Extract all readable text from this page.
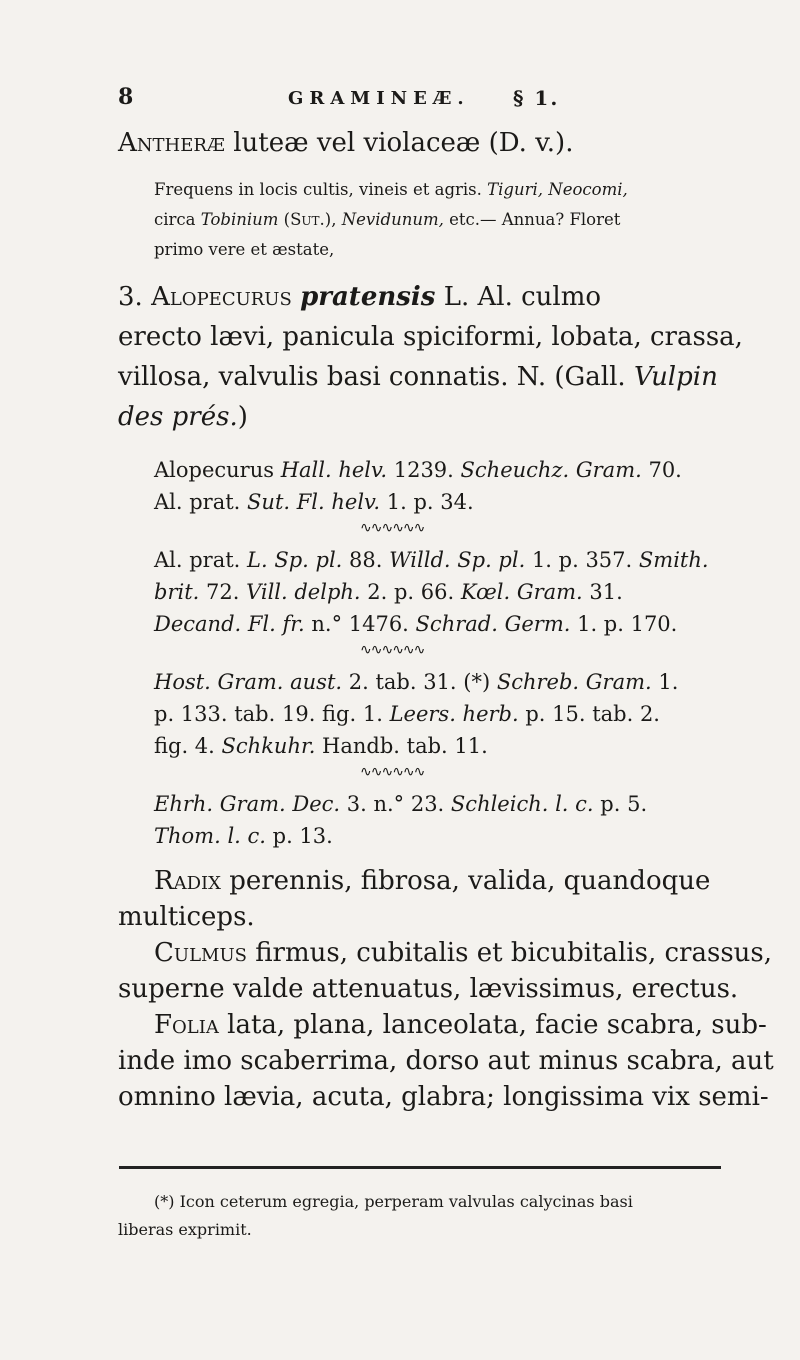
8	GRAMINEÆ. § 1.
Antheræ luteæ vel violaceæ (D. v.).
Frequens in locis cultis, vineis et agris. Tiguri, Neocomi,
circa Tobinium (Sut.), Nevidunum, etc.— Annua? Floret
primo vere et æstate,
3. Alopecurus pratensis L. Al. culmo
erecto lævi, panicula spiciformi, lobata, crassa,
villosa, valvulis basi connatis. N. (Gall. Vulpin
des prés.)
Alopecurus Hall. helv. 1239. Scheuchz. Gram. 70.
Al. prat. Sut. Fl. helv. 1. p. 34.
∿∿∿∿∿∿
Al. prat. L. Sp. pl. 88. Willd. Sp. pl. 1. p. 357. Smith.
brit. 72. Vill. delph. 2. p. 66. Kœl. Gram. 31.
Decand. Fl. fr. n.° 1476. Schrad. Germ. 1. p. 170.
∿∿∿∿∿∿
Host. Gram. aust. 2. tab. 31. (*) Schreb. Gram. 1.
p. 133. tab. 19. fig. 1. Leers. herb. p. 15. tab. 2.
fig. 4. Schkuhr. Handb. tab. 11.
∿∿∿∿∿∿
Ehrh. Gram. Dec. 3. n.° 23. Schleich. l. c. p. 5.
Thom. l. c. p. 13.
Radix perennis, fibrosa, valida, quandoque
multiceps.
Culmus firmus, cubitalis et bicubitalis, crassus,
superne valde attenuatus, lævissimus, erectus.
Folia lata, plana, lanceolata, facie scabra, sub-
inde imo scaberrima, dorso aut minus scabra, aut
omnino lævia, acuta, glabra; longissima vix semi-
(*) Icon ceterum egregia, perperam valvulas calycinas basi
liberas exprimit.
